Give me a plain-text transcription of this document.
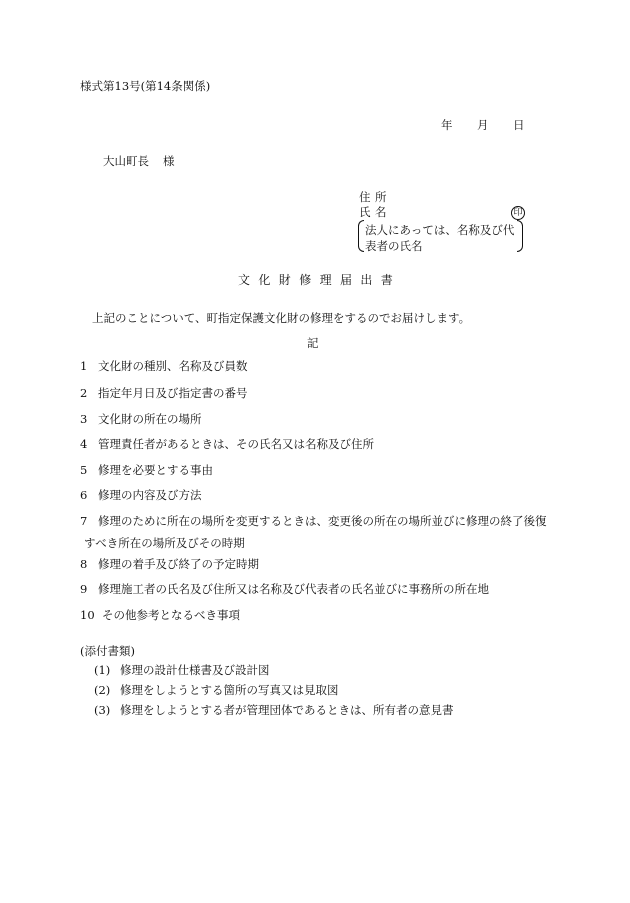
様式第13号(第14条関係)
年 月 日
大山町長 様
住 所
氏 名	印
法人にあっては、名称及び代
表者の氏名
文化財修理届出書
上記のことについて、町指定保護文化財の修理をするのでお届けします。
記
1 文化財の種別、名称及び員数
2 指定年月日及び指定書の番号
3 文化財の所在の場所
4 管理責任者があるときは、その氏名又は名称及び住所
5 修理を必要とする事由
6 修理の内容及び方法
7 修理のために所在の場所を変更するときは、変更後の所在の場所並びに修理の終了後復
すべき所在の場所及びその時期
8 修理の着手及び終了の予定時期
9 修理施工者の氏名及び住所又は名称及び代表者の氏名並びに事務所の所在地
10 その他参考となるべき事項
(添付書類)
(1) 修理の設計仕様書及び設計図
(2) 修理をしようとする箇所の写真又は見取図
(3) 修理をしようとする者が管理団体であるときは、所有者の意見書
